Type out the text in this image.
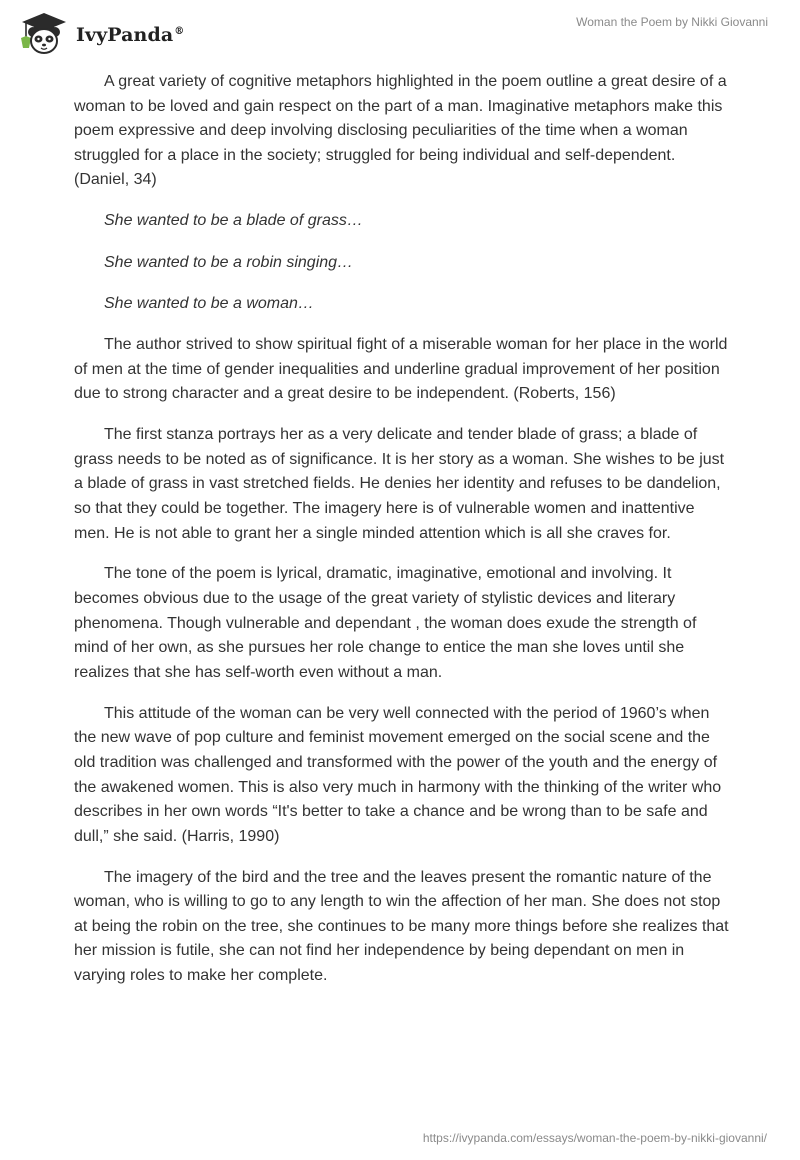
IvyPanda®
Woman the Poem by Nikki Giovanni

A great variety of cognitive metaphors highlighted in the poem outline a great desire of a woman to be loved and gain respect on the part of a man. Imaginative metaphors make this poem expressive and deep involving disclosing peculiarities of the time when a woman struggled for a place in the society; struggled for being individual and self-dependent. (Daniel, 34)

She wanted to be a blade of grass…

She wanted to be a robin singing…

She wanted to be a woman…

The author strived to show spiritual fight of a miserable woman for her place in the world of men at the time of gender inequalities and underline gradual improvement of her position due to strong character and a great desire to be independent. (Roberts, 156)

The first stanza portrays her as a very delicate and tender blade of grass; a blade of grass needs to be noted as of significance. It is her story as a woman. She wishes to be just a blade of grass in vast stretched fields. He denies her identity and refuses to be dandelion, so that they could be together. The imagery here is of vulnerable women and inattentive men. He is not able to grant her a single minded attention which is all she craves for.

The tone of the poem is lyrical, dramatic, imaginative, emotional and involving. It becomes obvious due to the usage of the great variety of stylistic devices and literary phenomena. Though vulnerable and dependant , the woman does exude the strength of mind of her own, as she pursues her role change to entice the man she loves until she realizes that she has self-worth even without a man.

This attitude of the woman can be very well connected with the period of 1960’s when the new wave of pop culture and feminist movement emerged on the social scene and the old tradition was challenged and transformed with the power of the youth and the energy of the awakened women. This is also very much in harmony with the thinking of the writer who describes in her own words “It's better to take a chance and be wrong than to be safe and dull,” she said. (Harris, 1990)

The imagery of the bird and the tree and the leaves present the romantic nature of the woman, who is willing to go to any length to win the affection of her man. She does not stop at being the robin on the tree, she continues to be many more things before she realizes that her mission is futile, she can not find her independence by being dependant on men in varying roles to make her complete.

https://ivypanda.com/essays/woman-the-poem-by-nikki-giovanni/
